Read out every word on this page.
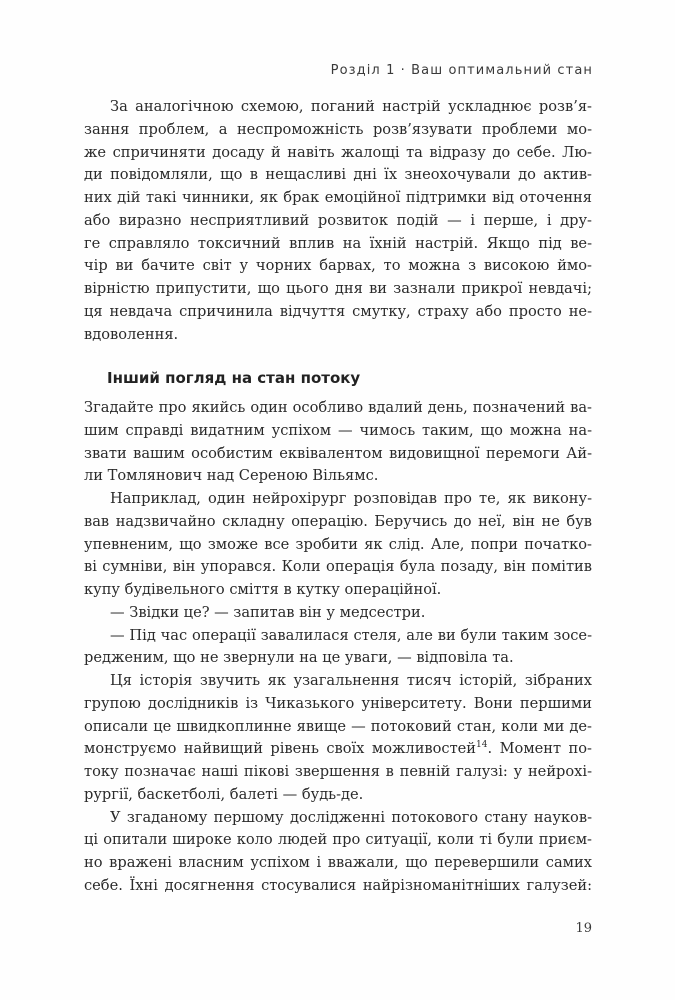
Розділ 1 · Ваш оптимальний стан
За аналогічною схемою, поганий настрій ускладнює розв’я-
зання проблем, а неспроможність розв’язувати проблеми мо-
же спричиняти досаду й навіть жалощі та відразу до себе. Лю-
ди повідомляли, що в нещасливі дні їх знеохочували до актив-
них дій такі чинники, як брак емоційної підтримки від оточення
або виразно несприятливий розвиток подій — і перше, і дру-
ге справляло токсичний вплив на їхній настрій. Якщо під ве-
чір ви бачите світ у чорних барвах, то можна з високою ймо-
вірністю припустити, що цього дня ви зазнали прикрої невдачі;
ця невдача спричинила відчуття смутку, страху або просто не-
вдоволення.
Інший погляд на стан потоку
Згадайте про якийсь один особливо вдалий день, позначений ва-
шим справді видатним успіхом — чимось таким, що можна на-
звати вашим особистим еквівалентом видовищної перемоги Ай-
ли Томлянович над Сереною Вільямс.
Наприклад, один нейрохірург розповідав про те, як викону-
вав надзвичайно складну операцію. Беручись до неї, він не був
упевненим, що зможе все зробити як слід. Але, попри початко-
ві сумніви, він упорався. Коли операція була позаду, він помітив
купу будівельного сміття в кутку операційної.
— Звідки це? — запитав він у медсестри.
— Під час операції завалилася стеля, але ви були таким зосе-
редженим, що не звернули на це уваги, — відповіла та.
Ця історія звучить як узагальнення тисяч історій, зібраних
групою дослідників із Чиказького університету. Вони першими
описали це швидкоплинне явище — потоковий стан, коли ми де-
монструємо найвищий рівень своїх можливостей$^{14}$. Момент по-
току позначає наші пікові звершення в певній галузі: у нейрохі-
рургії, баскетболі, балеті — будь-де.
У згаданому першому дослідженні потокового стану науков-
ці опитали широке коло людей про ситуації, коли ті були приєм-
но вражені власним успіхом і вважали, що перевершили самих
себе. Їхні досягнення стосувалися найрізноманітніших галузей:
19
